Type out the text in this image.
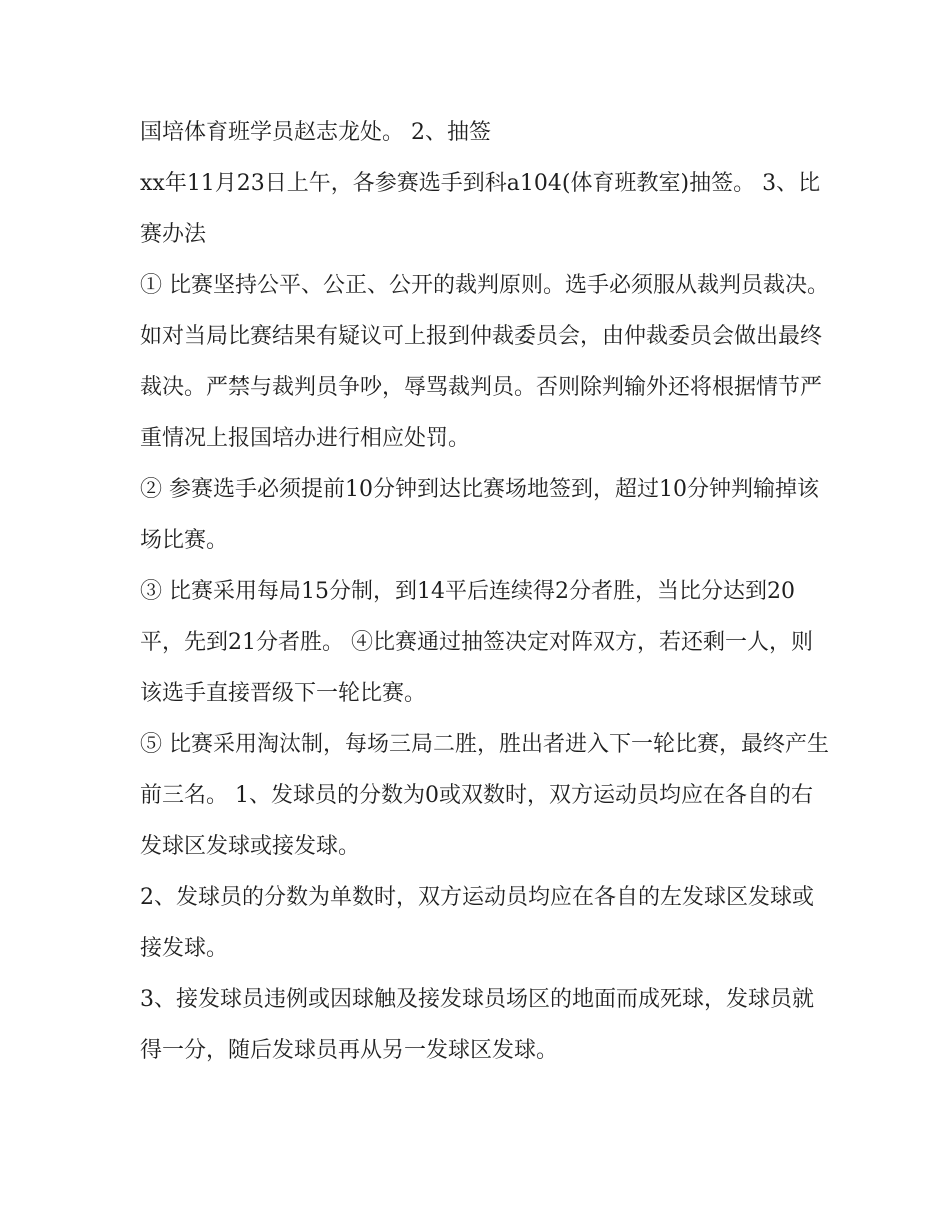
国培体育班学员赵志龙处。 2、抽签

xx年11月23日上午，各参赛选手到科a104(体育班教室)抽签。 3、比赛办法

① 比赛坚持公平、公正、公开的裁判原则。选手必须服从裁判员裁决。如对当局比赛结果有疑议可上报到仲裁委员会，由仲裁委员会做出最终裁决。严禁与裁判员争吵，辱骂裁判员。否则除判输外还将根据情节严重情况上报国培办进行相应处罚。

② 参赛选手必须提前10分钟到达比赛场地签到，超过10分钟判输掉该场比赛。

③ 比赛采用每局15分制，到14平后连续得2分者胜，当比分达到20平，先到21分者胜。 ④比赛通过抽签决定对阵双方，若还剩一人，则该选手直接晋级下一轮比赛。

⑤ 比赛采用淘汰制，每场三局二胜，胜出者进入下一轮比赛，最终产生前三名。 1、发球员的分数为0或双数时，双方运动员均应在各自的右发球区发球或接发球。

2、发球员的分数为单数时，双方运动员均应在各自的左发球区发球或接发球。

3、接发球员违例或因球触及接发球员场区的地面而成死球，发球员就得一分，随后发球员再从另一发球区发球。
